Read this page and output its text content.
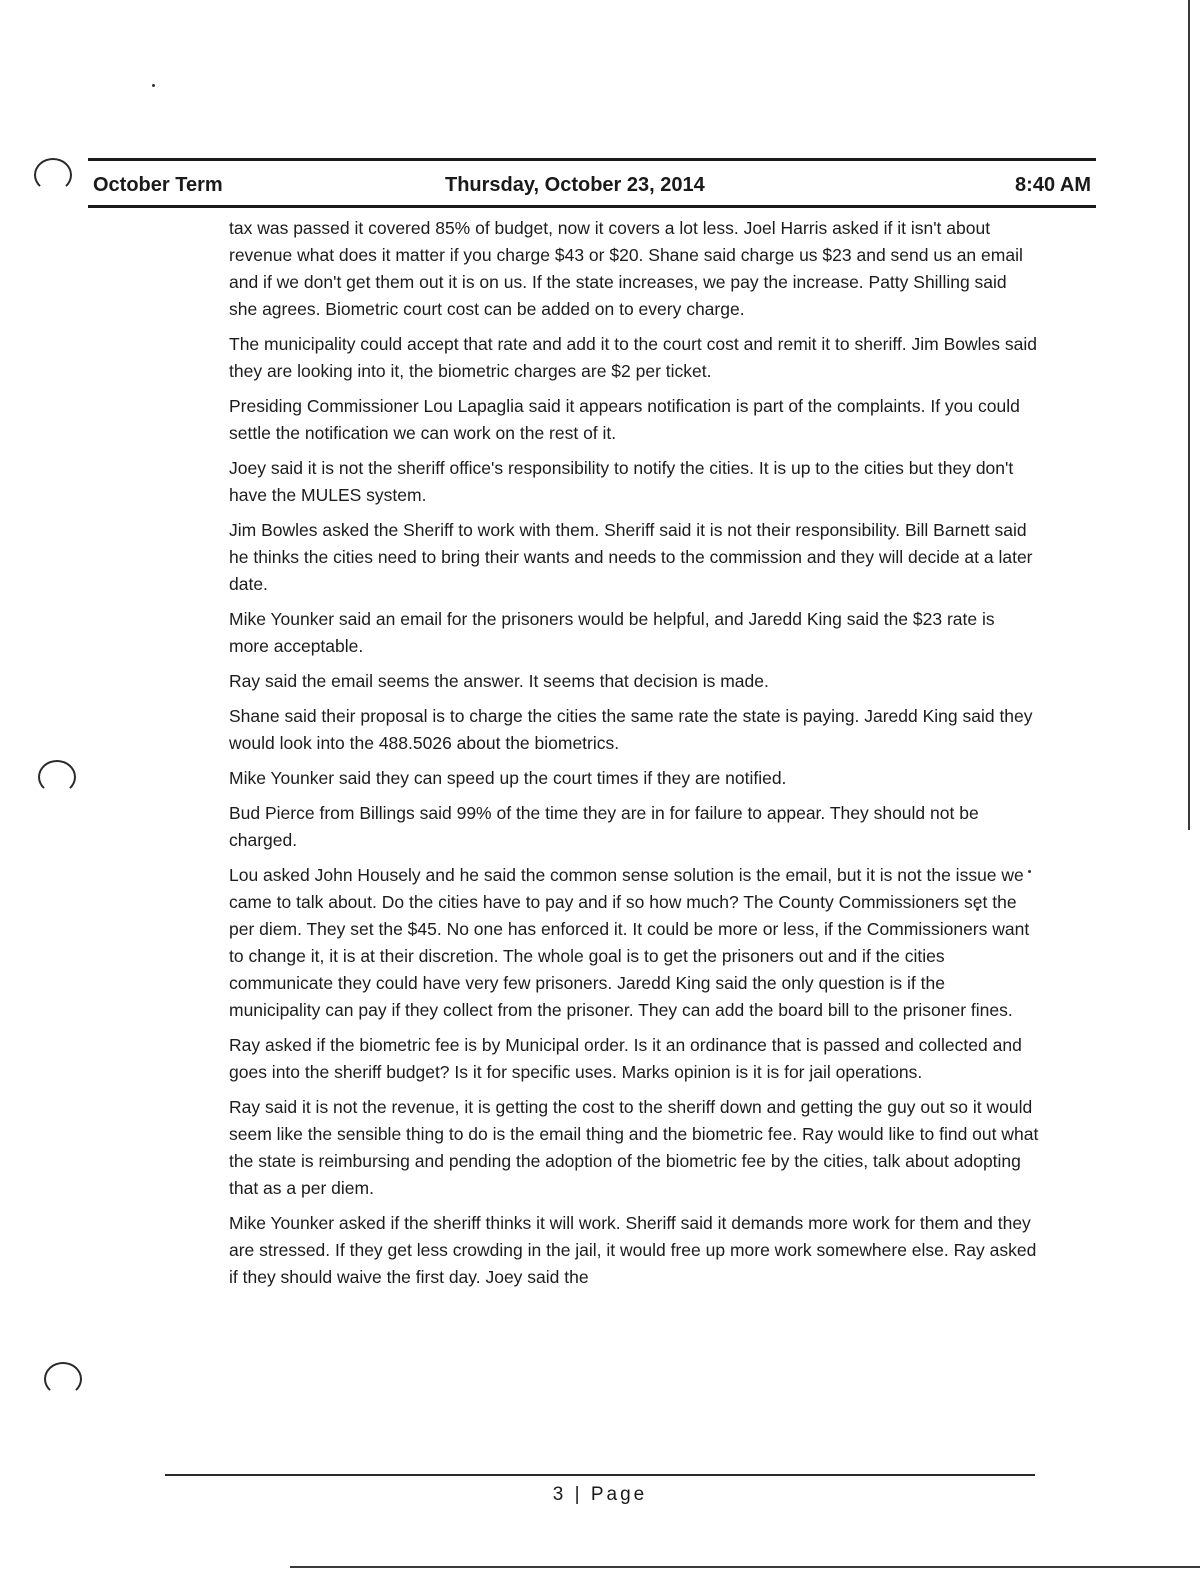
October Term	Thursday, October 23, 2014	8:40 AM

tax was passed it covered 85% of budget, now it covers a lot less. Joel Harris asked if it isn't about revenue what does it matter if you charge $43 or $20. Shane said charge us $23 and send us an email and if we don't get them out it is on us. If the state increases, we pay the increase. Patty Shilling said she agrees. Biometric court cost can be added on to every charge.

The municipality could accept that rate and add it to the court cost and remit it to sheriff. Jim Bowles said they are looking into it, the biometric charges are $2 per ticket.

Presiding Commissioner Lou Lapaglia said it appears notification is part of the complaints. If you could settle the notification we can work on the rest of it.

Joey said it is not the sheriff office's responsibility to notify the cities. It is up to the cities but they don't have the MULES system.

Jim Bowles asked the Sheriff to work with them. Sheriff said it is not their responsibility. Bill Barnett said he thinks the cities need to bring their wants and needs to the commission and they will decide at a later date.

Mike Younker said an email for the prisoners would be helpful, and Jaredd King said the $23 rate is more acceptable.

Ray said the email seems the answer. It seems that decision is made.

Shane said their proposal is to charge the cities the same rate the state is paying. Jaredd King said they would look into the 488.5026 about the biometrics.

Mike Younker said they can speed up the court times if they are notified.

Bud Pierce from Billings said 99% of the time they are in for failure to appear. They should not be charged.

Lou asked John Housely and he said the common sense solution is the email, but it is not the issue we came to talk about. Do the cities have to pay and if so how much? The County Commissioners set the per diem. They set the $45. No one has enforced it. It could be more or less, if the Commissioners want to change it, it is at their discretion. The whole goal is to get the prisoners out and if the cities communicate they could have very few prisoners. Jaredd King said the only question is if the municipality can pay if they collect from the prisoner. They can add the board bill to the prisoner fines.

Ray asked if the biometric fee is by Municipal order. Is it an ordinance that is passed and collected and goes into the sheriff budget? Is it for specific uses. Marks opinion is it is for jail operations.

Ray said it is not the revenue, it is getting the cost to the sheriff down and getting the guy out so it would seem like the sensible thing to do is the email thing and the biometric fee. Ray would like to find out what the state is reimbursing and pending the adoption of the biometric fee by the cities, talk about adopting that as a per diem.

Mike Younker asked if the sheriff thinks it will work. Sheriff said it demands more work for them and they are stressed. If they get less crowding in the jail, it would free up more work somewhere else. Ray asked if they should waive the first day. Joey said the

3 | Page
